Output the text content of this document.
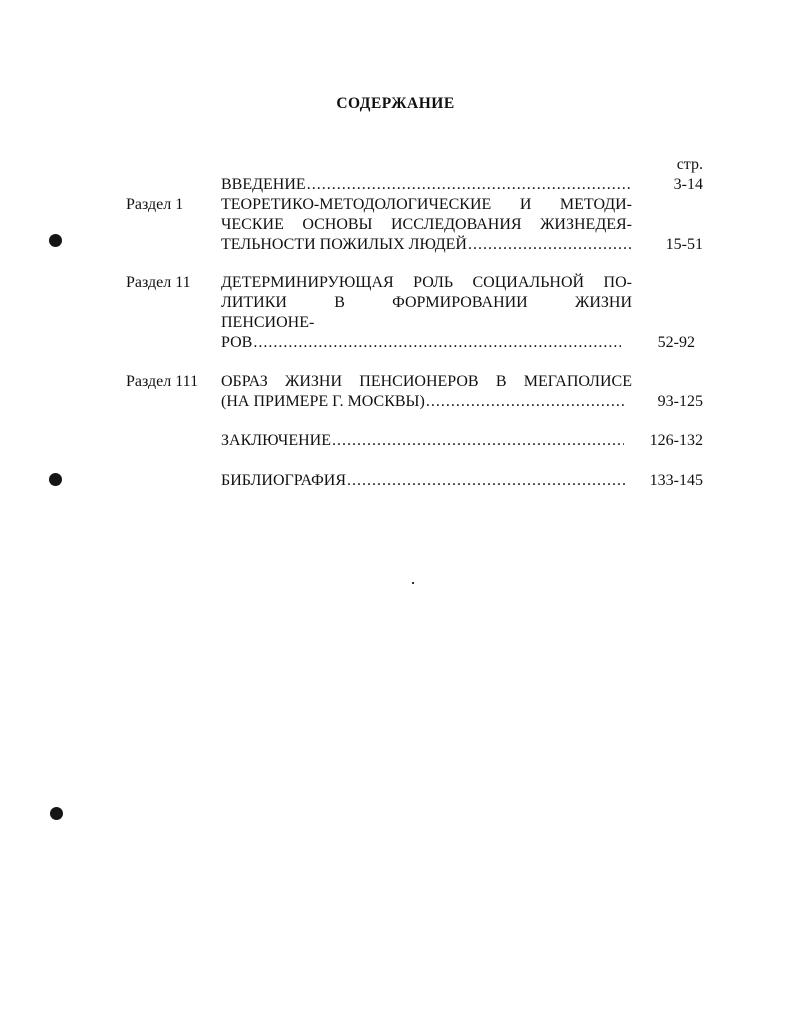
СОДЕРЖАНИЕ
стр.
ВВЕДЕНИЕ .....	3-14
Раздел 1 ТЕОРЕТИКО-МЕТОДОЛОГИЧЕСКИЕ И МЕТОДИ-
ЧЕСКИЕ ОСНОВЫ ИССЛЕДОВАНИЯ ЖИЗНЕДЕЯ-
ТЕЛЬНОСТИ ПОЖИЛЫХ ЛЮДЕЙ .....	15-51
Раздел 11 ДЕТЕРМИНИРУЮЩАЯ РОЛЬ СОЦИАЛЬНОЙ ПО-
ЛИТИКИ В ФОРМИРОВАНИИ ЖИЗНИ
ПЕНСИОНЕ-
РОВ .....	52-92
Раздел 111 ОБРАЗ ЖИЗНИ ПЕНСИОНЕРОВ В МЕГАПОЛИСЕ
(НА ПРИМЕРЕ Г. МОСКВЫ) .....	93-125
ЗАКЛЮЧЕНИЕ .....	126-132
БИБЛИОГРАФИЯ .....	133-145
